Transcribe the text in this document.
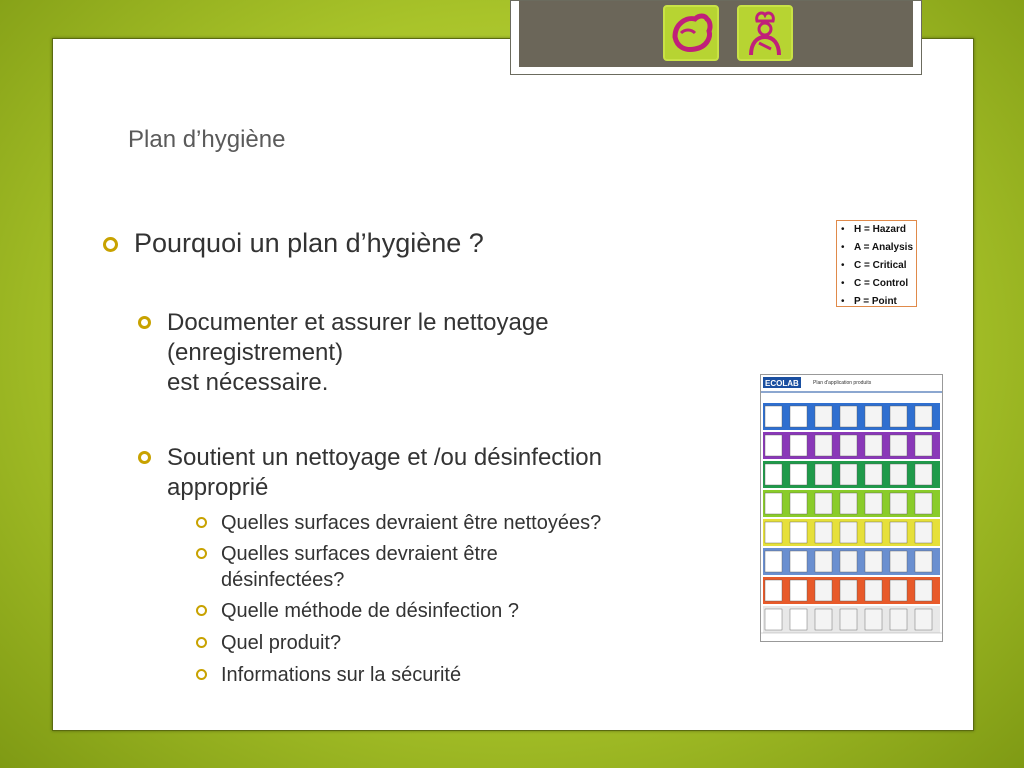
Plan d’hygiène
Pourquoi un plan d’hygiène ?
Documenter et assurer le nettoyage
(enregistrement)
est nécessaire.
Soutient un nettoyage et /ou désinfection
approprié
Quelles surfaces devraient être nettoyées?
Quelles surfaces devraient être
désinfectées?
Quelle méthode de désinfection ?
Quel produit?
Informations sur la sécurité
• H = Hazard
• A = Analysis
• C = Critical
• C = Control
• P = Point
ECOLAB	Plan d'application produits
